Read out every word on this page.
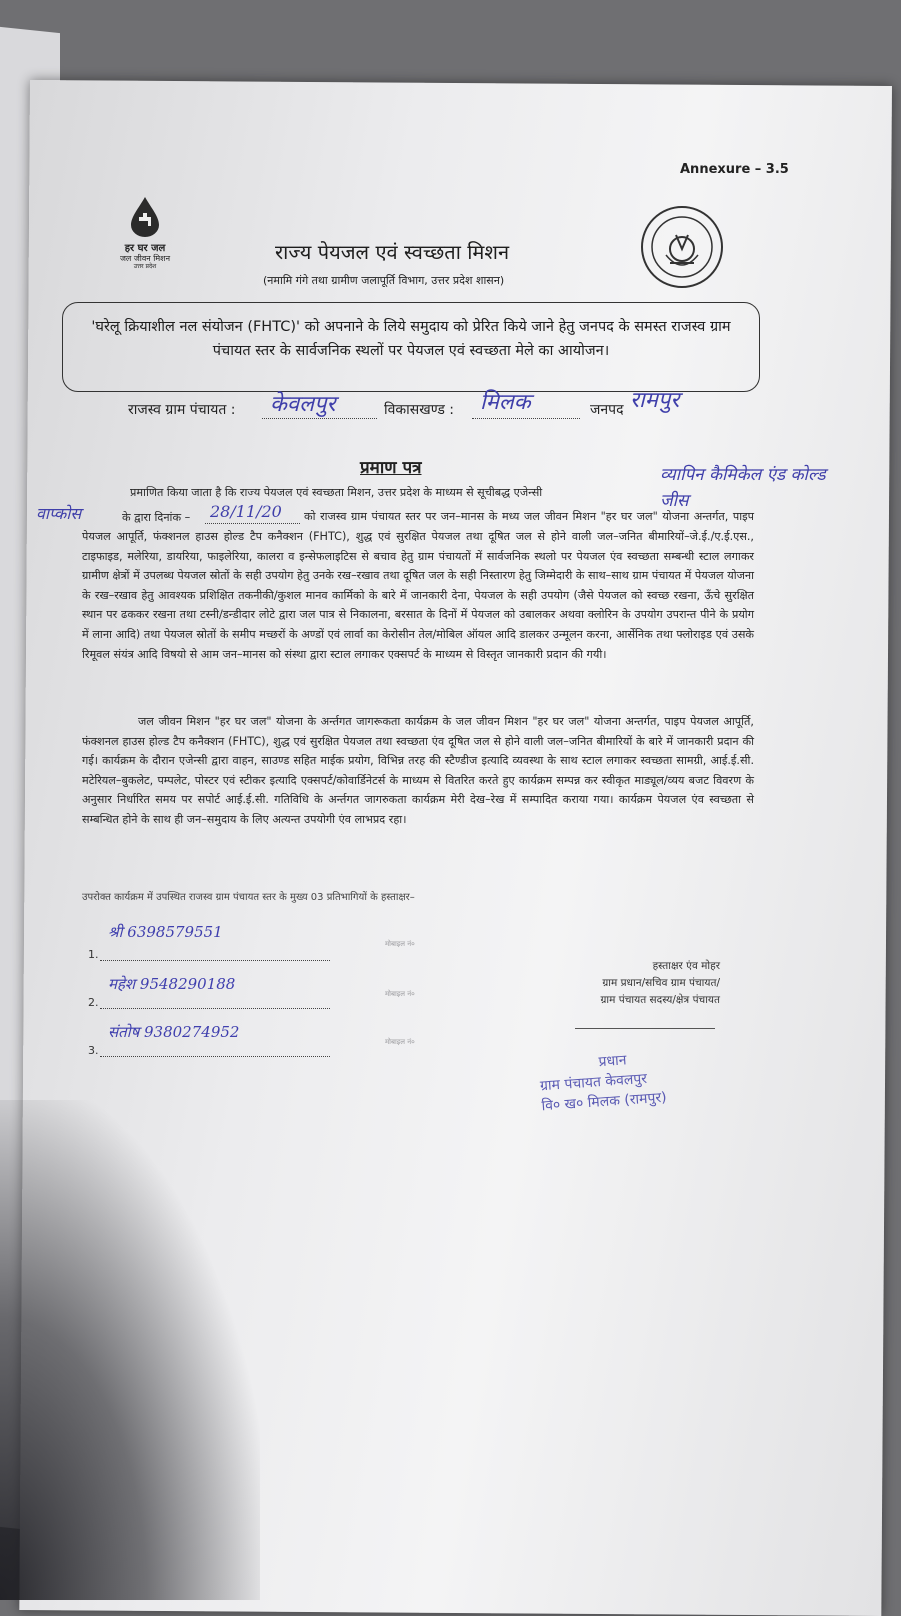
Annexure – 3.5
हर घर जल
जल जीवन मिशन
उत्तर प्रदेश
राज्य पेयजल एवं स्वच्छता मिशन
(नमामि गंगे तथा ग्रामीण जलापूर्ति विभाग, उत्तर प्रदेश शासन)

'घरेलू क्रियाशील नल संयोजन (FHTC)' को अपनाने के लिये समुदाय को प्रेरित किये जाने हेतु जनपद के समस्त राजस्व ग्राम पंचायत स्तर के सार्वजनिक स्थलों पर पेयजल एवं स्वच्छता मेले का आयोजन।

राजस्व ग्राम पंचायत : केवलपुर	विकासखण्ड : मिलक	जनपद रामपुर
प्रमाण पत्र
प्रमाणित किया जाता है कि राज्य पेयजल एवं स्वच्छता मिशन, उत्तर प्रदेश के माध्यम से सूचीबद्ध एजेन्सी
व्यापिन कैमिकेल एंड कोल्ड जीस
वाप्कोस	के द्वारा दिनांक –	28/11/20	को राजस्व ग्राम पंचायत स्तर पर जन–मानस के मध्य जल जीवन मिशन "हर घर जल" योजना अन्तर्गत, पाइप पेयजल आपूर्ति, फंक्शनल हाउस होल्ड टैप कनैक्शन (FHTC), शुद्ध एवं सुरक्षित पेयजल तथा दूषित जल से होने वाली जल–जनित बीमारियों–जे.ई./ए.ई.एस., टाइफाइड, मलेरिया, डायरिया, फाइलेरिया, कालरा व इन्सेफलाइटिस से बचाव हेतु ग्राम पंचायतों में सार्वजनिक स्थलो पर पेयजल एंव स्वच्छता सम्बन्धी स्टाल लगाकर ग्रामीण क्षेत्रों में उपलब्ध पेयजल स्रोतों के सही उपयोग हेतु उनके रख–रखाव तथा दूषित जल के सही निस्तारण हेतु जिम्मेदारी के साथ–साथ ग्राम पंचायत में पेयजल योजना के रख–रखाव हेतु आवश्यक प्रशिक्षित तकनीकी/कुशल मानव कार्मिको के बारे में जानकारी देना, पेयजल के सही उपयोग (जैसे पेयजल को स्वच्छ रखना, ऊँचे सुरक्षित स्थान पर ढककर रखना तथा टस्नी/डन्डीदार लोटे द्वारा जल पात्र से निकालना, बरसात के दिनों में पेयजल को उबालकर अथवा क्लोरिन के उपयोग उपरान्त पीने के प्रयोग में लाना आदि) तथा पेयजल स्रोतों के समीप मच्छरों के अण्डों एवं लार्वा का केरोसीन तेल/मोबिल ऑयल आदि डालकर उन्मूलन करना, आर्सेनिक तथा फ्लोराइड एवं उसके रिमूवल संयंत्र आदि विषयो से आम जन–मानस को संस्था द्वारा स्टाल लगाकर एक्सपर्ट के माध्यम से विस्तृत जानकारी प्रदान की गयी।
जल जीवन मिशन "हर घर जल" योजना के अर्न्तगत जागरूकता कार्यक्रम के जल जीवन मिशन "हर घर जल" योजना अन्तर्गत, पाइप पेयजल आपूर्ति, फंक्शनल हाउस होल्ड टैप कनैक्शन (FHTC), शुद्ध एवं सुरक्षित पेयजल तथा स्वच्छता एंव दूषित जल से होने वाली जल–जनित बीमारियों के बारे में जानकारी प्रदान की गई। कार्यक्रम के दौरान एजेन्सी द्वारा वाहन, साउण्ड सहित माईक प्रयोग, विभिन्न तरह की स्टैण्डीज इत्यादि व्यवस्था के साथ स्टाल लगाकर स्वच्छता सामग्री, आई.ई.सी. मटेरियल–बुकलेट, पम्पलेट, पोस्टर एवं स्टीकर इत्यादि एक्सपर्ट/कोवार्डिनेटर्स के माध्यम से वितरित करते हुए कार्यक्रम सम्पन्न कर स्वीकृत माड्यूल/व्यय बजट विवरण के अनुसार निर्धारित समय पर सपोर्ट आई.ई.सी. गतिविधि के अर्न्तगत जागरुकता कार्यक्रम मेरी देख–रेख में सम्पादित कराया गया। कार्यक्रम पेयजल एंव स्वच्छता से सम्बन्धित होने के साथ ही जन–समुदाय के लिए अत्यन्त उपयोगी एंव लाभप्रद रहा।
उपरोक्त कार्यक्रम में उपस्थित राजस्व ग्राम पंचायत स्तर के मुख्य 03 प्रतिभागियों के हस्ताक्षर–
1.
श्री 6398579551
मोबाइल नं०
2.
महेश 9548290188
मोबाइल नं०
3.
संतोष 9380274952
मोबाइल नं०
हस्ताक्षर एंव मोहर
ग्राम प्रधान/सचिव ग्राम पंचायत/
ग्राम पंचायत सदस्य/क्षेत्र पंचायत
प्रधान
ग्राम पंचायत केवलपुर
वि० ख० मिलक (रामपुर)
